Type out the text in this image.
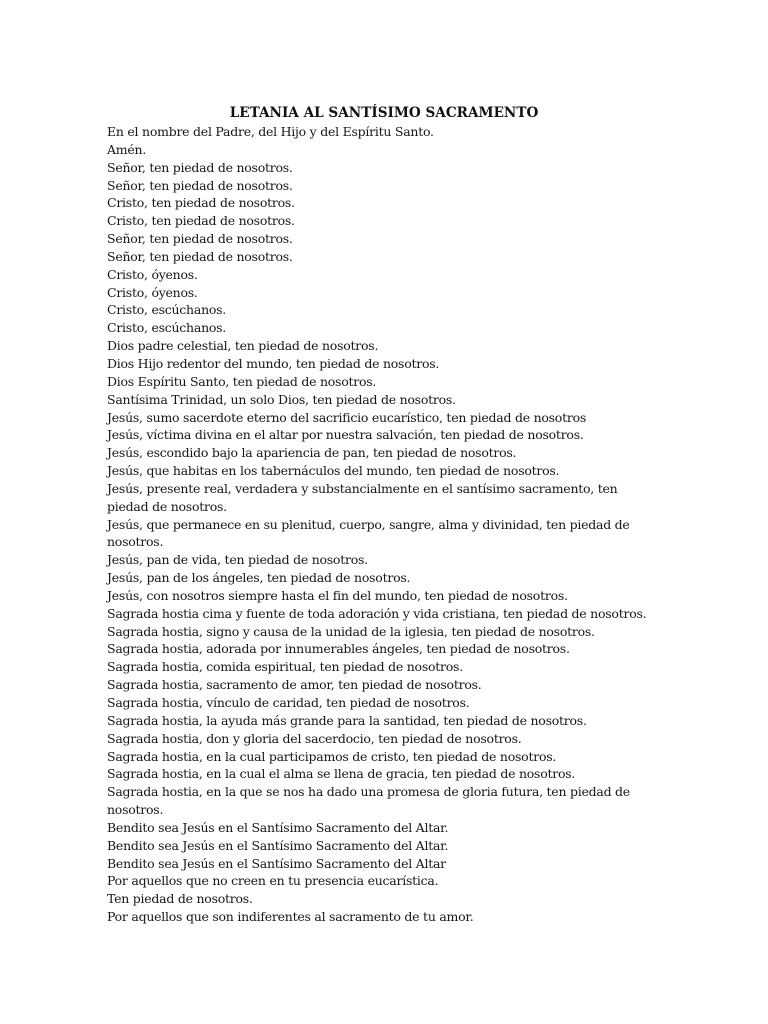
LETANIA AL SANTÍSIMO SACRAMENTO
En el nombre del Padre, del Hijo y del Espíritu Santo.
Amén.
Señor, ten piedad de nosotros.
Señor, ten piedad de nosotros.
Cristo, ten piedad de nosotros.
Cristo, ten piedad de nosotros.
Señor, ten piedad de nosotros.
Señor, ten piedad de nosotros.
Cristo, óyenos.
Cristo, óyenos.
Cristo, escúchanos.
Cristo, escúchanos.
Dios padre celestial, ten piedad de nosotros.
Dios Hijo redentor del mundo, ten piedad de nosotros.
Dios Espíritu Santo, ten piedad de nosotros.
Santísima Trinidad, un solo Dios, ten piedad de nosotros.
Jesús, sumo sacerdote eterno del sacrificio eucarístico, ten piedad de nosotros
Jesús, víctima divina en el altar por nuestra salvación, ten piedad de nosotros.
Jesús, escondido bajo la apariencia de pan, ten piedad de nosotros.
Jesús, que habitas en los tabernáculos del mundo, ten piedad de nosotros.
Jesús, presente real, verdadera y substancialmente en el santísimo sacramento, ten
piedad de nosotros.
Jesús, que permanece en su plenitud, cuerpo, sangre, alma y divinidad, ten piedad de
nosotros.
Jesús, pan de vida, ten piedad de nosotros.
Jesús, pan de los ángeles, ten piedad de nosotros.
Jesús, con nosotros siempre hasta el fin del mundo, ten piedad de nosotros.
Sagrada hostia cima y fuente de toda adoración y vida cristiana, ten piedad de nosotros.
Sagrada hostia, signo y causa de la unidad de la iglesia, ten piedad de nosotros.
Sagrada hostia, adorada por innumerables ángeles, ten piedad de nosotros.
Sagrada hostia, comida espiritual, ten piedad de nosotros.
Sagrada hostia, sacramento de amor, ten piedad de nosotros.
Sagrada hostia, vínculo de caridad, ten piedad de nosotros.
Sagrada hostia, la ayuda más grande para la santidad, ten piedad de nosotros.
Sagrada hostia, don y gloria del sacerdocio, ten piedad de nosotros.
Sagrada hostia, en la cual participamos de cristo, ten piedad de nosotros.
Sagrada hostia, en la cual el alma se llena de gracia, ten piedad de nosotros.
Sagrada hostia, en la que se nos ha dado una promesa de gloria futura, ten piedad de
nosotros.
Bendito sea Jesús en el Santísimo Sacramento del Altar.
Bendito sea Jesús en el Santísimo Sacramento del Altar.
Bendito sea Jesús en el Santísimo Sacramento del Altar
Por aquellos que no creen en tu presencia eucarística.
Ten piedad de nosotros.
Por aquellos que son indiferentes al sacramento de tu amor.
